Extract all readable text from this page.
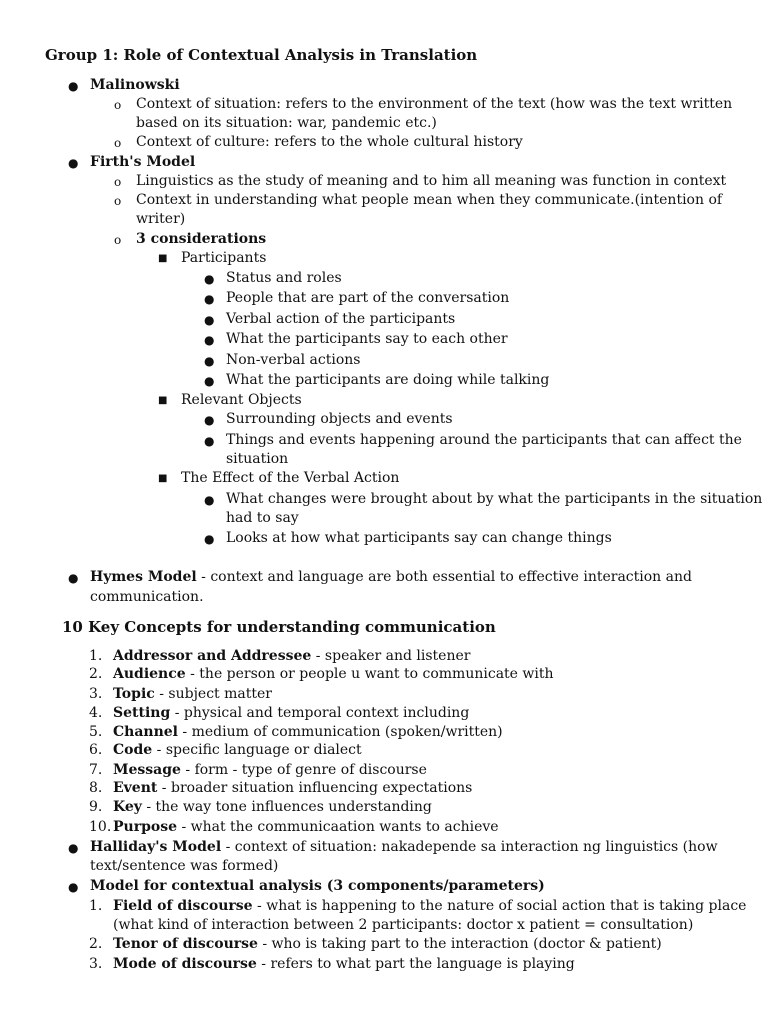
Group 1: Role of Contextual Analysis in Translation
● Malinowski
o Context of situation: refers to the environment of the text (how was the text written
based on its situation: war, pandemic etc.)
o Context of culture: refers to the whole cultural history
● Firth's Model
o Linguistics as the study of meaning and to him all meaning was function in context
o Context in understanding what people mean when they communicate.(intention of
writer)
o 3 considerations
■ Participants
● Status and roles
● People that are part of the conversation
● Verbal action of the participants
● What the participants say to each other
● Non-verbal actions
● What the participants are doing while talking
■ Relevant Objects
● Surrounding objects and events
● Things and events happening around the participants that can affect the
situation
■ The Effect of the Verbal Action
● What changes were brought about by what the participants in the situation
had to say
● Looks at how what participants say can change things
● Hymes Model - context and language are both essential to effective interaction and
communication.
10 Key Concepts for understanding communication
1. Addressor and Addressee - speaker and listener
2. Audience - the person or people u want to communicate with
3. Topic - subject matter
4. Setting - physical and temporal context including
5. Channel - medium of communication (spoken/written)
6. Code - specific language or dialect
7. Message - form - type of genre of discourse
8. Event - broader situation influencing expectations
9. Key - the way tone influences understanding
10. Purpose - what the communicaation wants to achieve
● Halliday's Model - context of situation: nakadepende sa interaction ng linguistics (how
text/sentence was formed)
● Model for contextual analysis (3 components/parameters)
1. Field of discourse - what is happening to the nature of social action that is taking place
(what kind of interaction between 2 participants: doctor x patient = consultation)
2. Tenor of discourse - who is taking part to the interaction (doctor & patient)
3. Mode of discourse - refers to what part the language is playing
